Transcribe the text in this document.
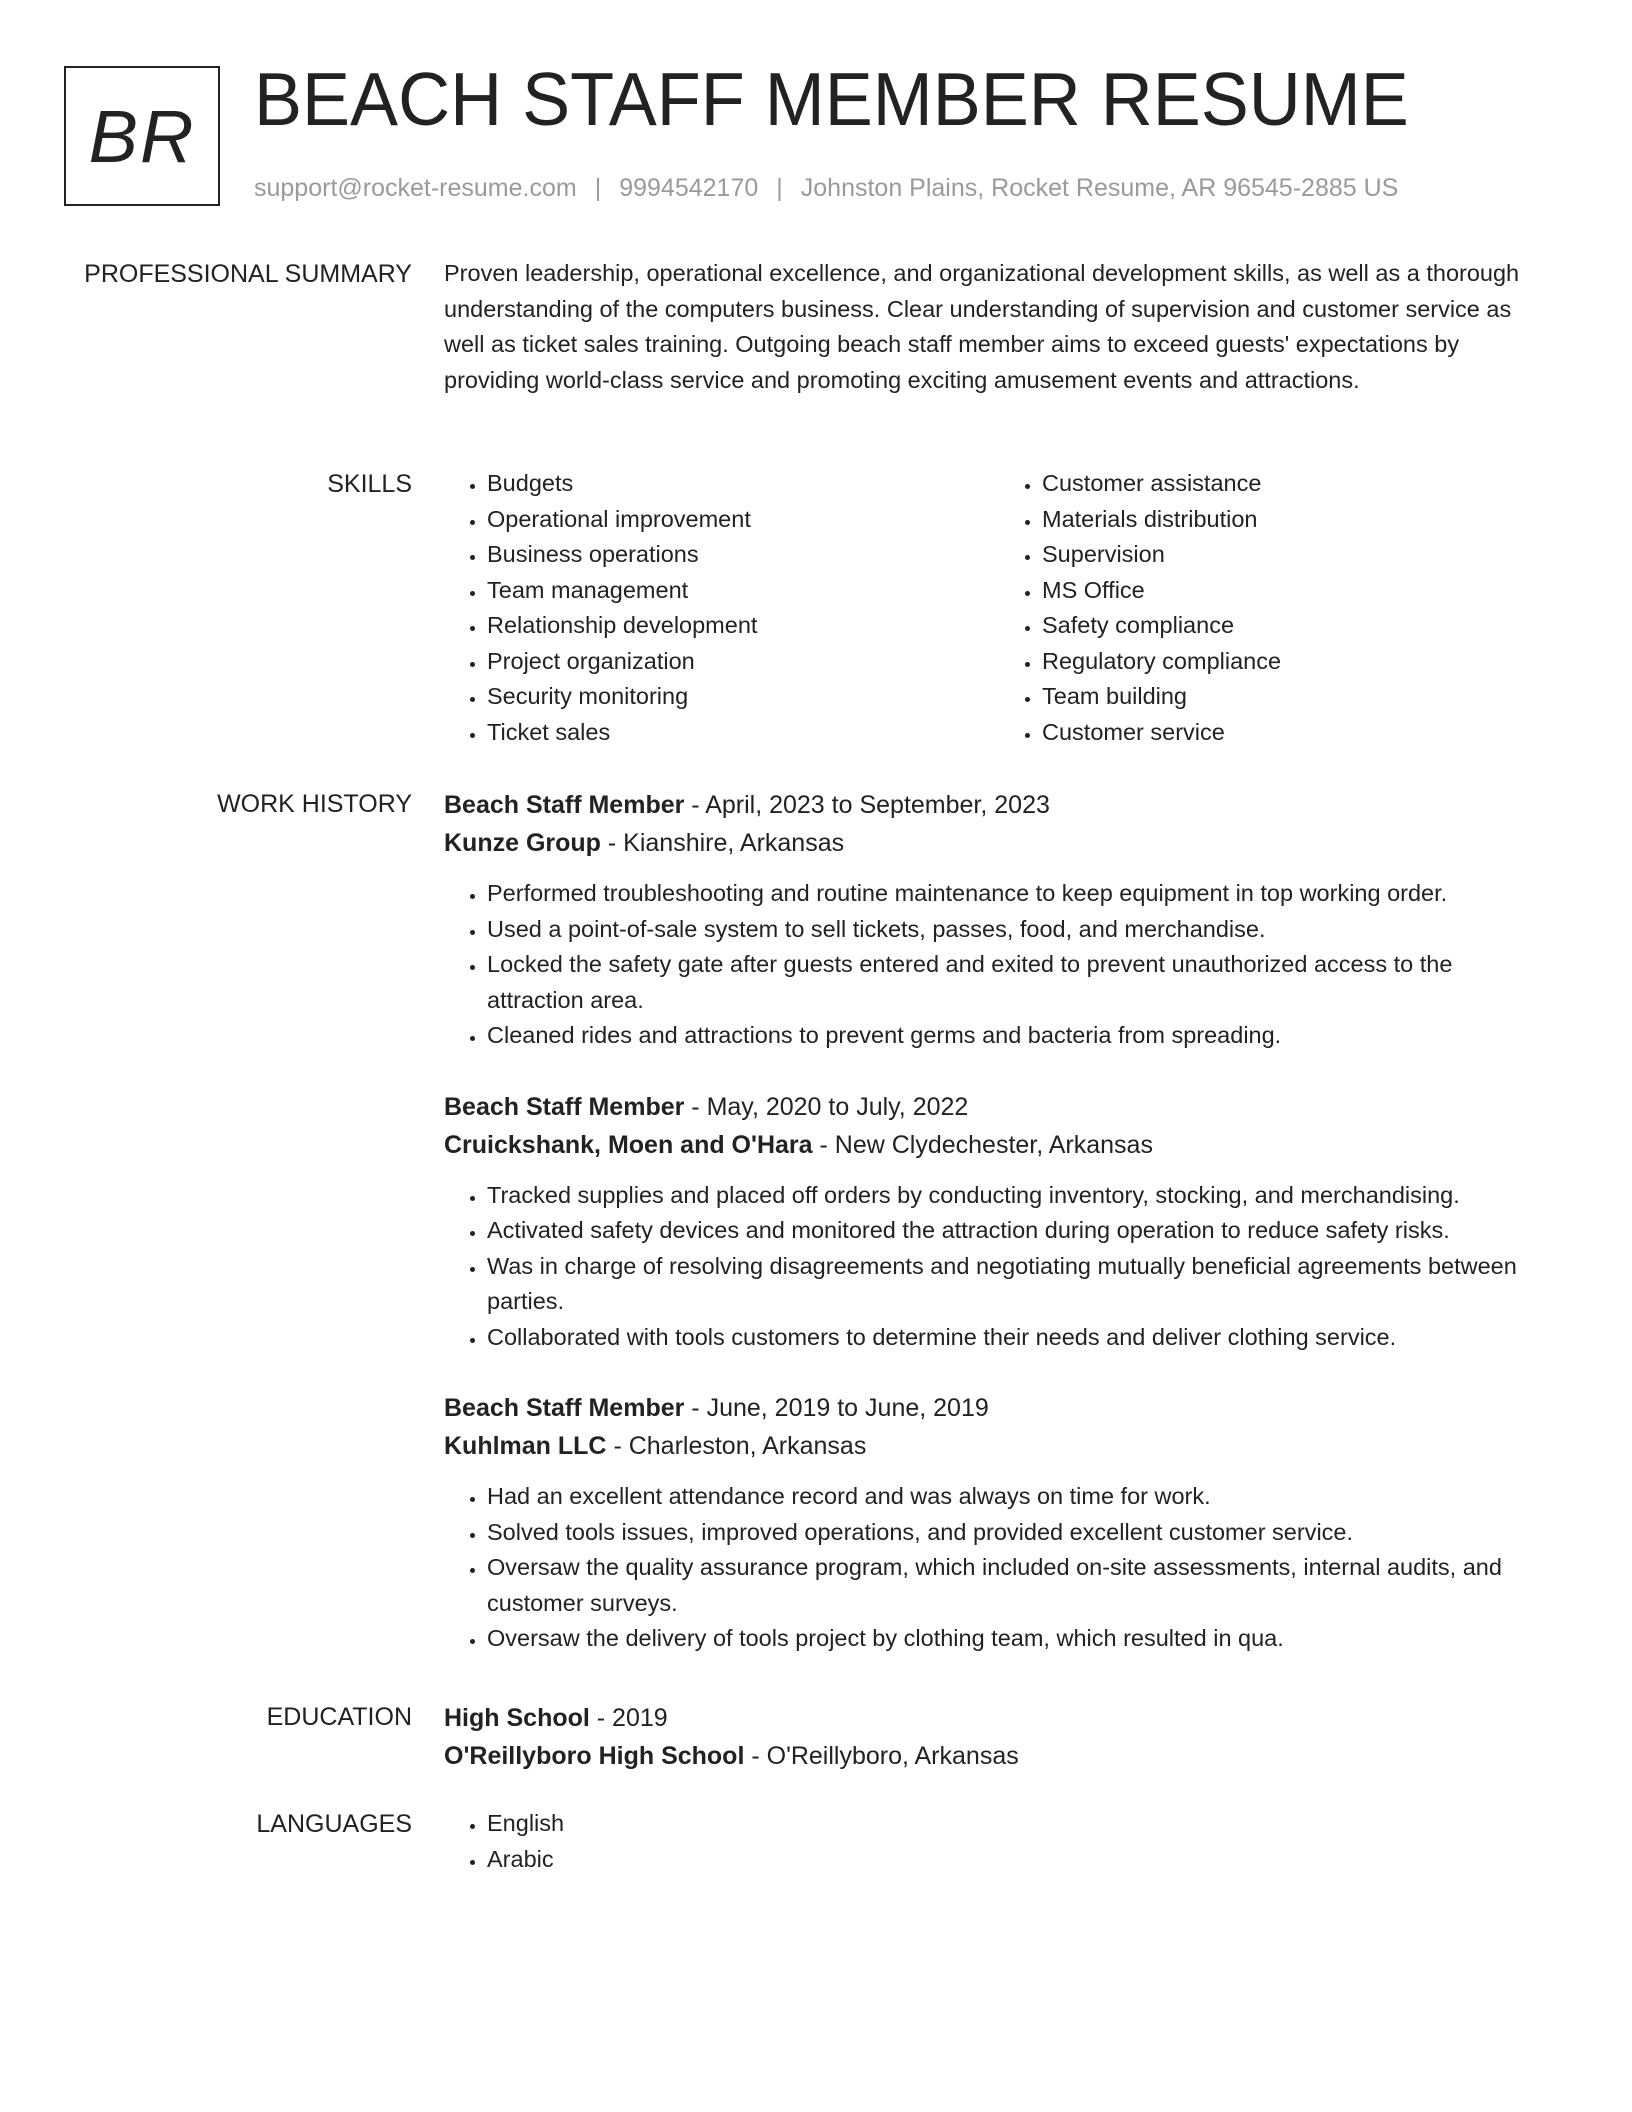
BR BEACH STAFF MEMBER RESUME
support@rocket-resume.com | 9994542170 | Johnston Plains, Rocket Resume, AR 96545-2885 US
PROFESSIONAL SUMMARY Proven leadership, operational excellence, and organizational development skills, as well as a thorough understanding of the computers business. Clear understanding of supervision and customer service as well as ticket sales training. Outgoing beach staff member aims to exceed guests' expectations by providing world-class service and promoting exciting amusement events and attractions.

SKILLS	• Budgets
• Operational improvement
• Business operations
• Team management
• Relationship development
• Project organization
• Security monitoring
• Ticket sales
• Customer assistance
• Materials distribution
• Supervision
• MS Office
• Safety compliance
• Regulatory compliance
• Team building
• Customer service
WORK HISTORY Beach Staff Member - April, 2023 to September, 2023
Kunze Group - Kianshire, Arkansas
• Performed troubleshooting and routine maintenance to keep equipment in top working order.
• Used a point-of-sale system to sell tickets, passes, food, and merchandise.
• Locked the safety gate after guests entered and exited to prevent unauthorized access to the attraction area.
• Cleaned rides and attractions to prevent germs and bacteria from spreading.
Beach Staff Member - May, 2020 to July, 2022
Cruickshank, Moen and O'Hara - New Clydechester, Arkansas
• Tracked supplies and placed off orders by conducting inventory, stocking, and merchandising.
• Activated safety devices and monitored the attraction during operation to reduce safety risks.
• Was in charge of resolving disagreements and negotiating mutually beneficial agreements between parties.
• Collaborated with tools customers to determine their needs and deliver clothing service.
Beach Staff Member - June, 2019 to June, 2019
Kuhlman LLC - Charleston, Arkansas
• Had an excellent attendance record and was always on time for work.
• Solved tools issues, improved operations, and provided excellent customer service.
• Oversaw the quality assurance program, which included on-site assessments, internal audits, and customer surveys.
• Oversaw the delivery of tools project by clothing team, which resulted in qua.
EDUCATION High School - 2019
O'Reillyboro High School - O'Reillyboro, Arkansas
LANGUAGES	• English
• Arabic
